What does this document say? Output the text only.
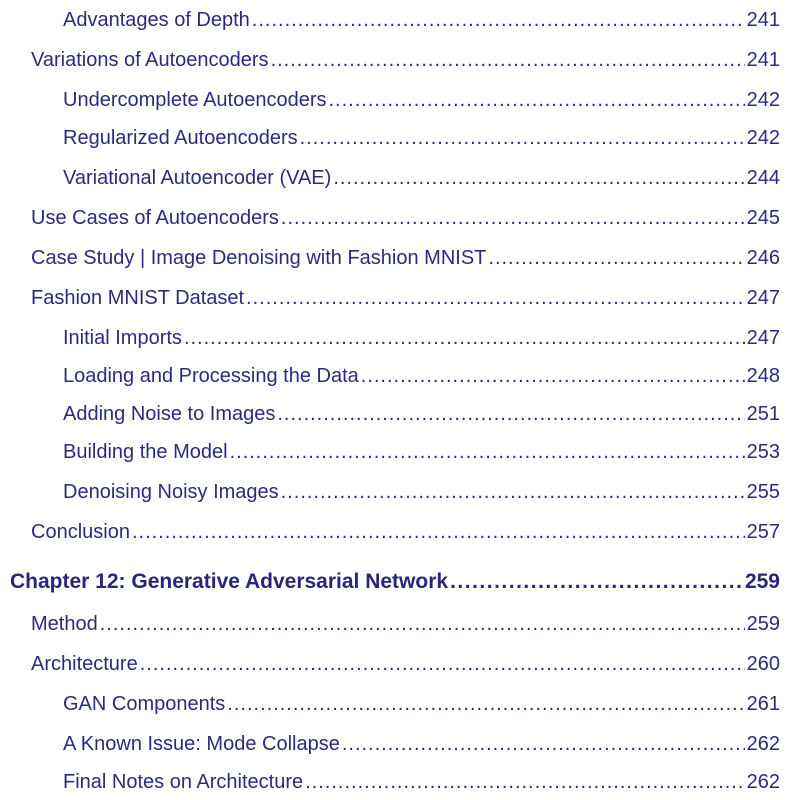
Advantages of Depth .....	241
Variations of Autoencoders .....	241
Undercomplete Autoencoders .....	242
Regularized Autoencoders .....	242
Variational Autoencoder (VAE) .....	244
Use Cases of Autoencoders .....	245
Case Study | Image Denoising with Fashion MNIST .....	246
Fashion MNIST Dataset .....	247
Initial Imports .....	247
Loading and Processing the Data .....	248
Adding Noise to Images .....	251
Building the Model .....	253
Denoising Noisy Images .....	255
Conclusion .....	257
Chapter 12: Generative Adversarial Network .....	259
Method .....	259
Architecture .....	260
GAN Components .....	261
A Known Issue: Mode Collapse .....	262
Final Notes on Architecture .....	262
